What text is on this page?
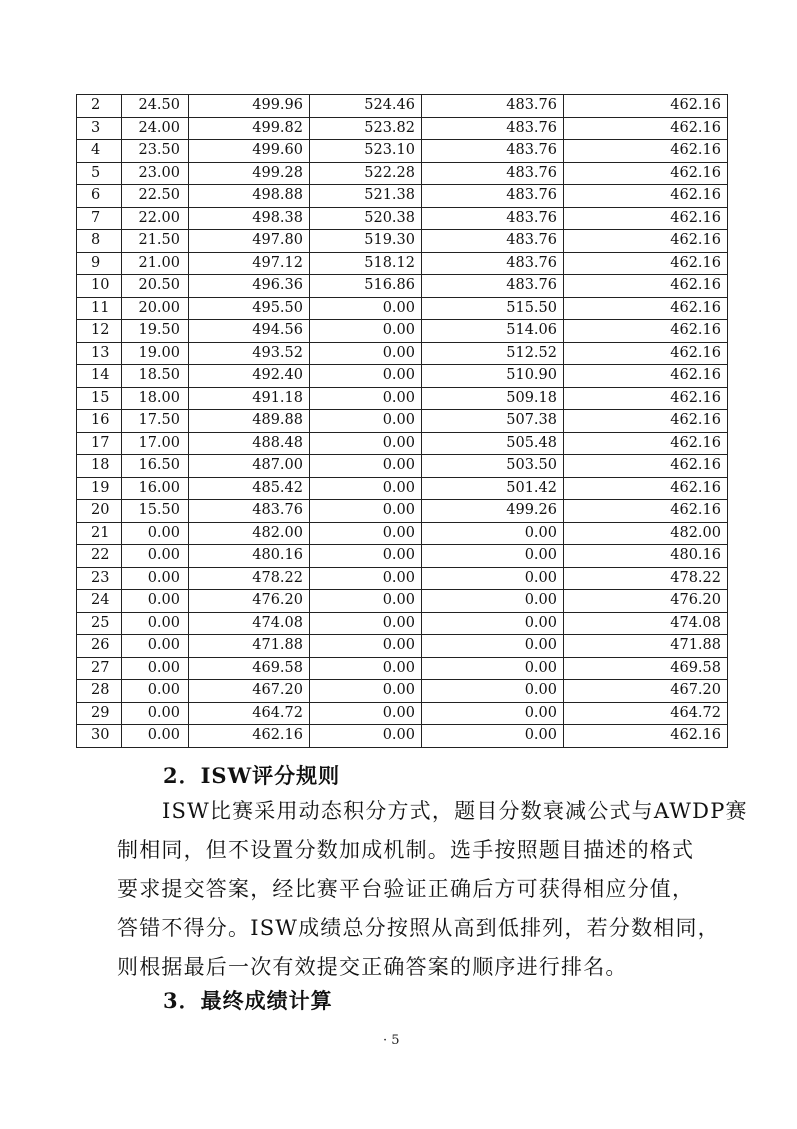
2	24.50	499.96	524.46	483.76	462.16
3	24.00	499.82	523.82	483.76	462.16
4	23.50	499.60	523.10	483.76	462.16
5	23.00	499.28	522.28	483.76	462.16
6	22.50	498.88	521.38	483.76	462.16
7	22.00	498.38	520.38	483.76	462.16
8	21.50	497.80	519.30	483.76	462.16
9	21.00	497.12	518.12	483.76	462.16
10	20.50	496.36	516.86	483.76	462.16
11	20.00	495.50	0.00	515.50	462.16
12	19.50	494.56	0.00	514.06	462.16
13	19.00	493.52	0.00	512.52	462.16
14	18.50	492.40	0.00	510.90	462.16
15	18.00	491.18	0.00	509.18	462.16
16	17.50	489.88	0.00	507.38	462.16
17	17.00	488.48	0.00	505.48	462.16
18	16.50	487.00	0.00	503.50	462.16
19	16.00	485.42	0.00	501.42	462.16
20	15.50	483.76	0.00	499.26	462.16
21	0.00	482.00	0.00	0.00	482.00
22	0.00	480.16	0.00	0.00	480.16
23	0.00	478.22	0.00	0.00	478.22
24	0.00	476.20	0.00	0.00	476.20
25	0.00	474.08	0.00	0.00	474.08
26	0.00	471.88	0.00	0.00	471.88
27	0.00	469.58	0.00	0.00	469.58
28	0.00	467.20	0.00	0.00	467.20
29	0.00	464.72	0.00	0.00	464.72
30	0.00	462.16	0.00	0.00	462.16
2．ISW评分规则
ISW比赛采用动态积分方式，题目分数衰减公式与AWDP赛
制相同，但不设置分数加成机制。选手按照题目描述的格式
要求提交答案，经比赛平台验证正确后方可获得相应分值，
答错不得分。ISW成绩总分按照从高到低排列，若分数相同，
则根据最后一次有效提交正确答案的顺序进行排名。
· 5
3．最终成绩计算
